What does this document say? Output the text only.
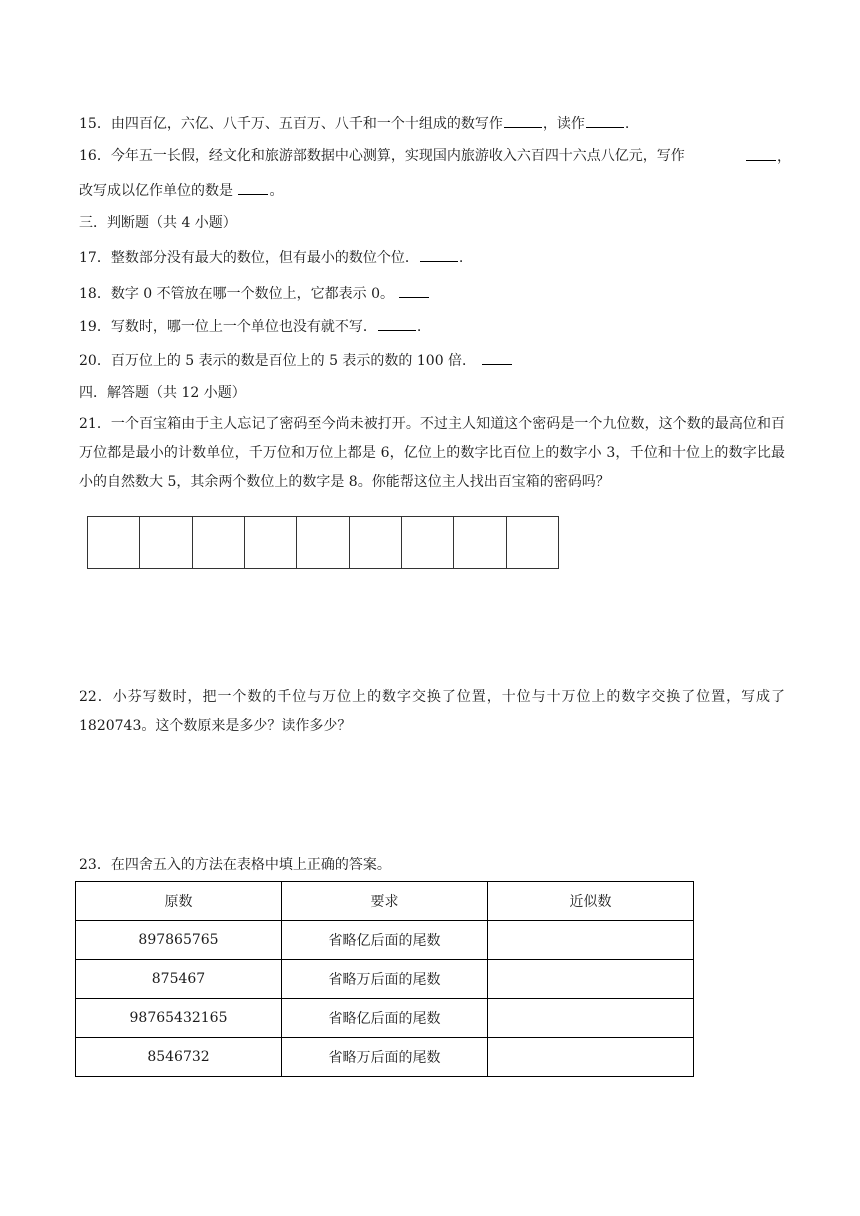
15．由四百亿，六亿、八千万、五百万、八千和一个十组成的数写作	，读作	.
16．今年五一长假，经文化和旅游部数据中心测算，实现国内旅游收入六百四十六点八亿元，写作	，
改写成以亿作单位的数是	。
三．判断题（共 4 小题）
17．整数部分没有最大的数位，但有最小的数位个位．	.
18．数字 0 不管放在哪一个数位上，它都表示 0。
19．写数时，哪一位上一个单位也没有就不写．	.
20．百万位上的 5 表示的数是百位上的 5 表示的数的 100 倍．
四．解答题（共 12 小题）
21．一个百宝箱由于主人忘记了密码至今尚未被打开。不过主人知道这个密码是一个九位数，这个数的最高位和百万位都是最小的计数单位，千万位和万位上都是 6，亿位上的数字比百位上的数字小 3，千位和十位上的数字比最小的自然数大 5，其余两个数位上的数字是 8。你能帮这位主人找出百宝箱的密码吗？
22．小芬写数时，把一个数的千位与万位上的数字交换了位置，十位与十万位上的数字交换了位置，写成了 1820743。这个数原来是多少？读作多少？
23．在四舍五入的方法在表格中填上正确的答案。
原数	要求	近似数
897865765	省略亿后面的尾数	
875467	省略万后面的尾数	
98765432165	省略亿后面的尾数	
8546732	省略万后面的尾数	
